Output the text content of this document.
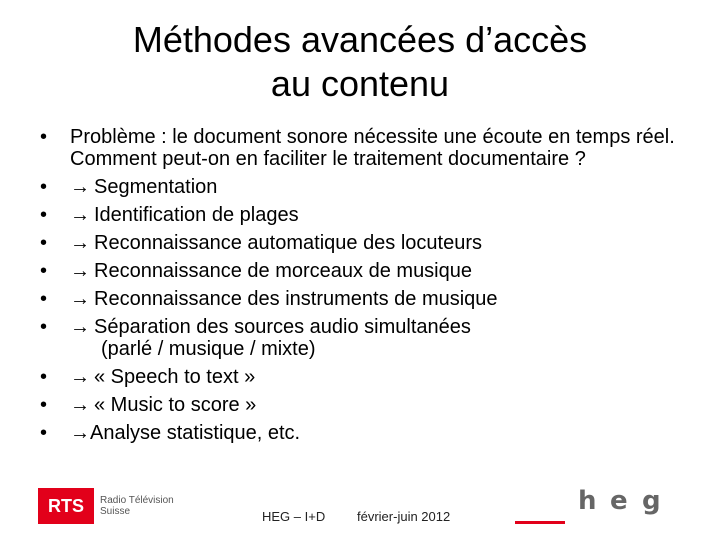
Méthodes avancées d’accès
au contenu
• Problème : le document sonore nécessite une écoute en temps réel. Comment peut-on en faciliter le traitement documentaire ?
• → Segmentation
• → Identification de plages
• → Reconnaissance automatique des locuteurs
• → Reconnaissance de morceaux de musique
• → Reconnaissance des instruments de musique
• → Séparation des sources audio simultanées
(parlé / musique / mixte)
• → « Speech to text »
• → « Music to score »
• →Analyse statistique, etc.
RTS	Radio Télévision
Suisse	HEG – I+D février-juin 2012
h e g
